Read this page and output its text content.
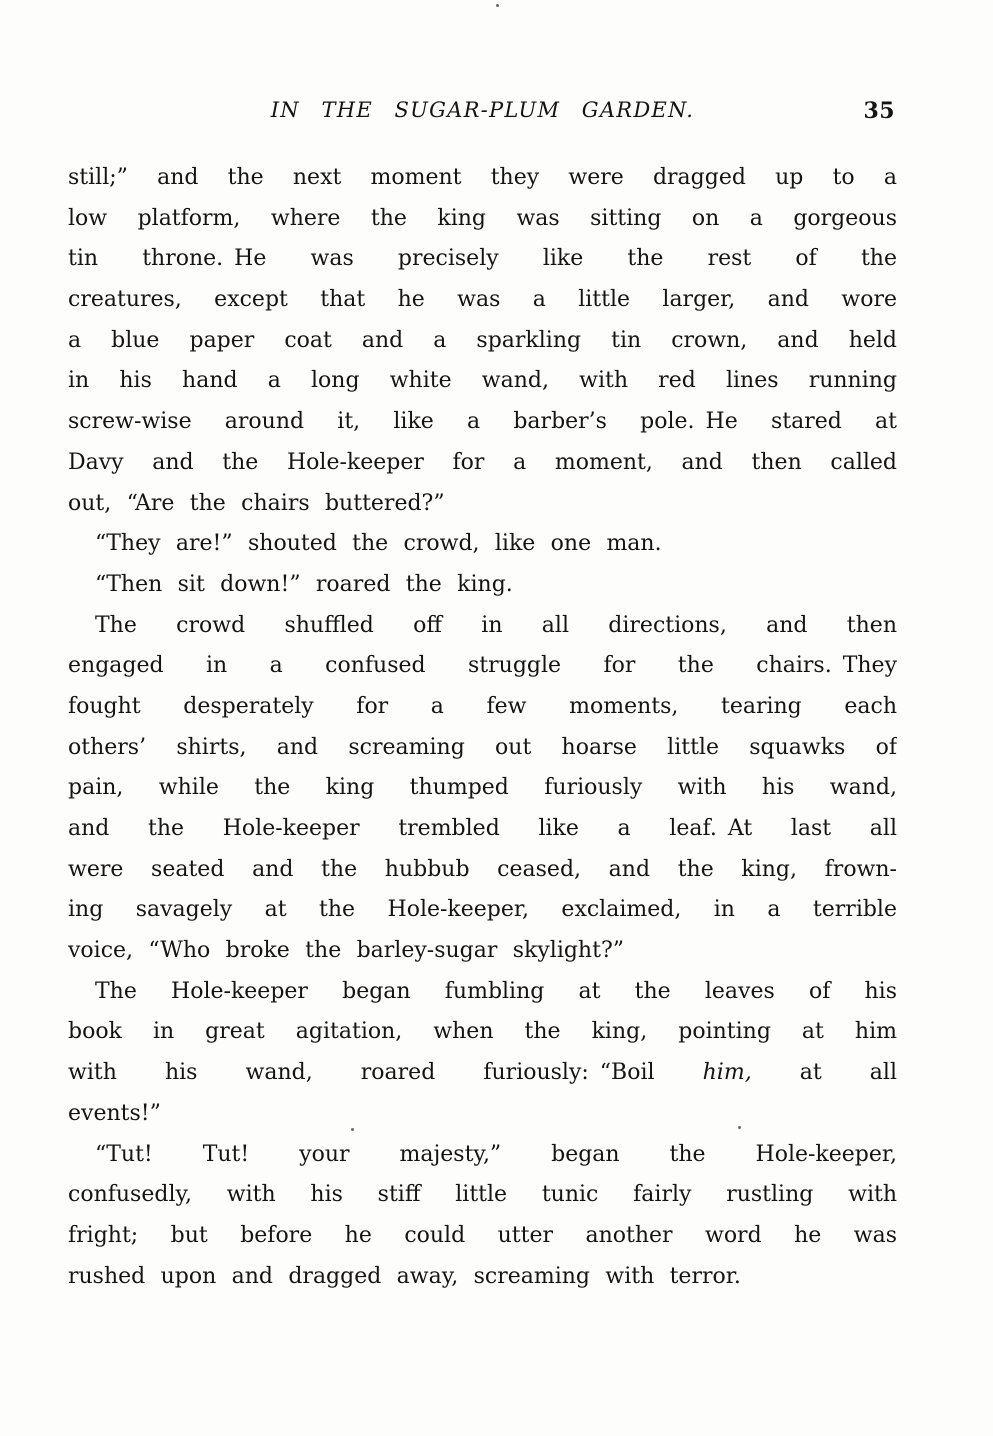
IN THE SUGAR-PLUM GARDEN.	35
still;” and the next moment they were dragged up to a
low platform, where the king was sitting on a gorgeous
tin throne. He was precisely like the rest of the
creatures, except that he was a little larger, and wore
a blue paper coat and a sparkling tin crown, and held
in his hand a long white wand, with red lines running
screw-wise around it, like a barber’s pole. He stared at
Davy and the Hole-keeper for a moment, and then called
out, “Are the chairs buttered?”
“They are!” shouted the crowd, like one man.
“Then sit down!” roared the king.
The crowd shuffled off in all directions, and then
engaged in a confused struggle for the chairs. They
fought desperately for a few moments, tearing each
others’ shirts, and screaming out hoarse little squawks of
pain, while the king thumped furiously with his wand,
and the Hole-keeper trembled like a leaf. At last all
were seated and the hubbub ceased, and the king, frown-
ing savagely at the Hole-keeper, exclaimed, in a terrible
voice, “Who broke the barley-sugar skylight?”
The Hole-keeper began fumbling at the leaves of his
book in great agitation, when the king, pointing at him
with his wand, roared furiously: “Boil him, at all
events!”
“Tut! Tut! your majesty,” began the Hole-keeper,
confusedly, with his stiff little tunic fairly rustling with
fright; but before he could utter another word he was
rushed upon and dragged away, screaming with terror.
